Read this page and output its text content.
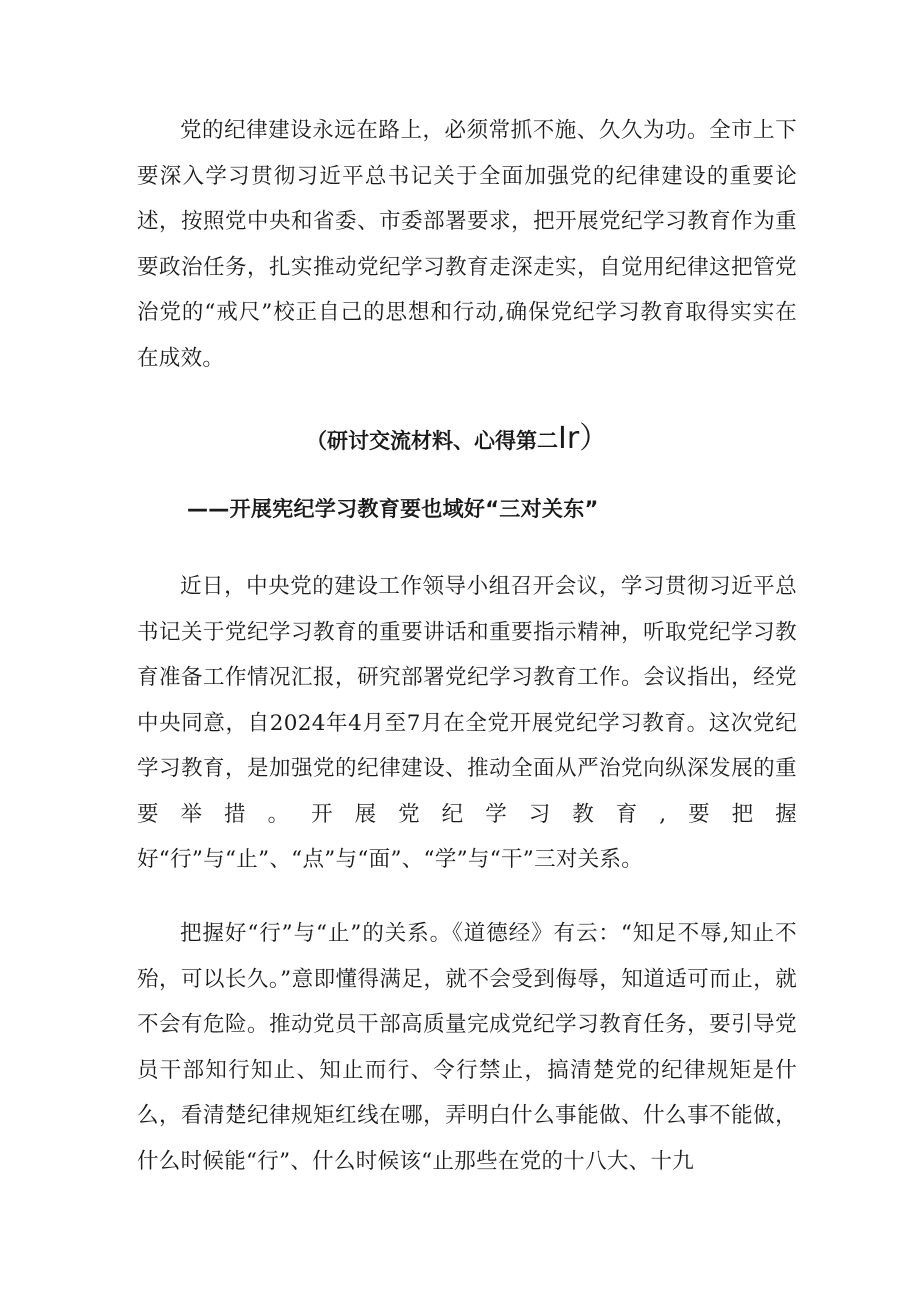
党的纪律建设永远在路上，必须常抓不施、久久为功。全市上下要深入学习贯彻习近平总书记关于全面加强党的纪律建设的重要论述，按照党中央和省委、市委部署要求，把开展党纪学习教育作为重要政治任务，扎实推动党纪学习教育走深走实，自觉用纪律这把管党治党的“戒尺”校正自己的思想和行动,确保党纪学习教育取得实实在在成效。

（研讨交流材料、心得第二Ir）
——开展宪纪学习教育要也域好“三对关东”

近日，中央党的建设工作领导小组召开会议，学习贯彻习近平总书记关于党纪学习教育的重要讲话和重要指示精神，听取党纪学习教育准备工作情况汇报，研究部署党纪学习教育工作。会议指出，经党中央同意，自2024年4月至7月在全党开展党纪学习教育。这次党纪学习教育，是加强党的纪律建设、推动全面从严治党向纵深发展的重要举措。开展党纪学习教育,要把握好“行”与“止”、“点”与“面”、“学”与“干”三对关系。

把握好“行”与“止”的关系。《道德经》有云：“知足不辱,知止不殆，可以长久。”意即懂得满足，就不会受到侮辱，知道适可而止，就不会有危险。推动党员干部高质量完成党纪学习教育任务，要引导党员干部知行知止、知止而行、令行禁止，搞清楚党的纪律规矩是什么，看清楚纪律规矩红线在哪，弄明白什么事能做、什么事不能做，什么时候能“行”、什么时候该“止那些在党的十八大、十九
